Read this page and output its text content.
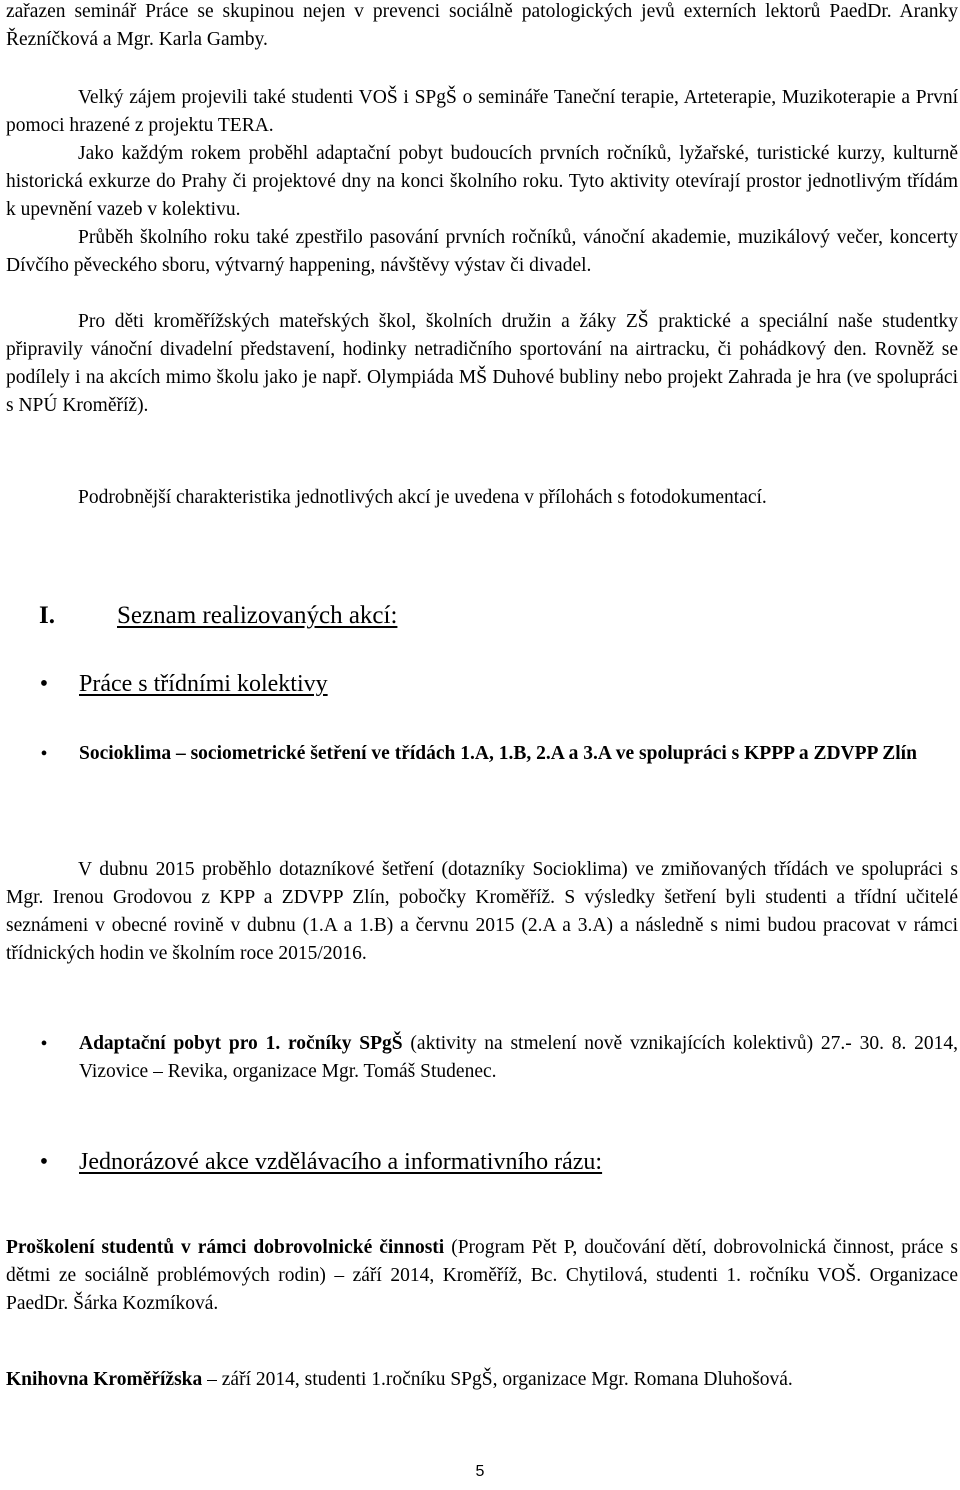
zařazen seminář Práce se skupinou nejen v prevenci sociálně patologických jevů externích lektorů PaedDr. Aranky Řezníčková a Mgr. Karla Gamby.

Velký zájem projevili také studenti VOŠ i SPgŠ o semináře Taneční terapie, Arteterapie, Muzikoterapie a První pomoci hrazené z projektu TERA.

Jako každým rokem proběhl adaptační pobyt budoucích prvních ročníků, lyžařské, turistické kurzy, kulturně historická exkurze do Prahy či projektové dny na konci školního roku. Tyto aktivity otevírají prostor jednotlivým třídám k upevnění vazeb v kolektivu.

Průběh školního roku také zpestřilo pasování prvních ročníků, vánoční akademie, muzikálový večer, koncerty Dívčího pěveckého sboru, výtvarný happening, návštěvy výstav či divadel.

Pro děti kroměřížských mateřských škol, školních družin a žáky ZŠ praktické a speciální naše studentky připravily vánoční divadelní představení, hodinky netradičního sportování na airtracku, či pohádkový den. Rovněž se podílely i na akcích mimo školu jako je např. Olympiáda MŠ Duhové bubliny nebo projekt Zahrada je hra (ve spolupráci s NPÚ Kroměříž).

Podrobnější charakteristika jednotlivých akcí je uvedena v přílohách s fotodokumentací.

I. Seznam realizovaných akcí:
• Práce s třídními kolektivy

• Socioklima – sociometrické šetření ve třídách 1.A, 1.B, 2.A a 3.A ve spolupráci s KPPP a ZDVPP Zlín

V dubnu 2015 proběhlo dotazníkové šetření (dotazníky Socioklima) ve zmiňovaných třídách ve spolupráci s Mgr. Irenou Grodovou z KPP a ZDVPP Zlín, pobočky Kroměříž. S výsledky šetření byli studenti a třídní učitelé seznámeni v obecné rovině v dubnu (1.A a 1.B) a červnu 2015 (2.A a 3.A) a následně s nimi budou pracovat v rámci třídnických hodin ve školním roce 2015/2016.

• Adaptační pobyt pro 1. ročníky SPgŠ (aktivity na stmelení nově vznikajících kolektivů) 27.- 30. 8. 2014, Vizovice – Revika, organizace Mgr. Tomáš Studenec.

• Jednorázové akce vzdělávacího a informativního rázu:

Proškolení studentů v rámci dobrovolnické činnosti (Program Pět P, doučování dětí, dobrovolnická činnost, práce s dětmi ze sociálně problémových rodin) – září 2014, Kroměříž, Bc. Chytilová, studenti 1. ročníku VOŠ. Organizace PaedDr. Šárka Kozmíková.

Knihovna Kroměřížska – září 2014, studenti 1.ročníku SPgŠ, organizace Mgr. Romana Dluhošová.

5
